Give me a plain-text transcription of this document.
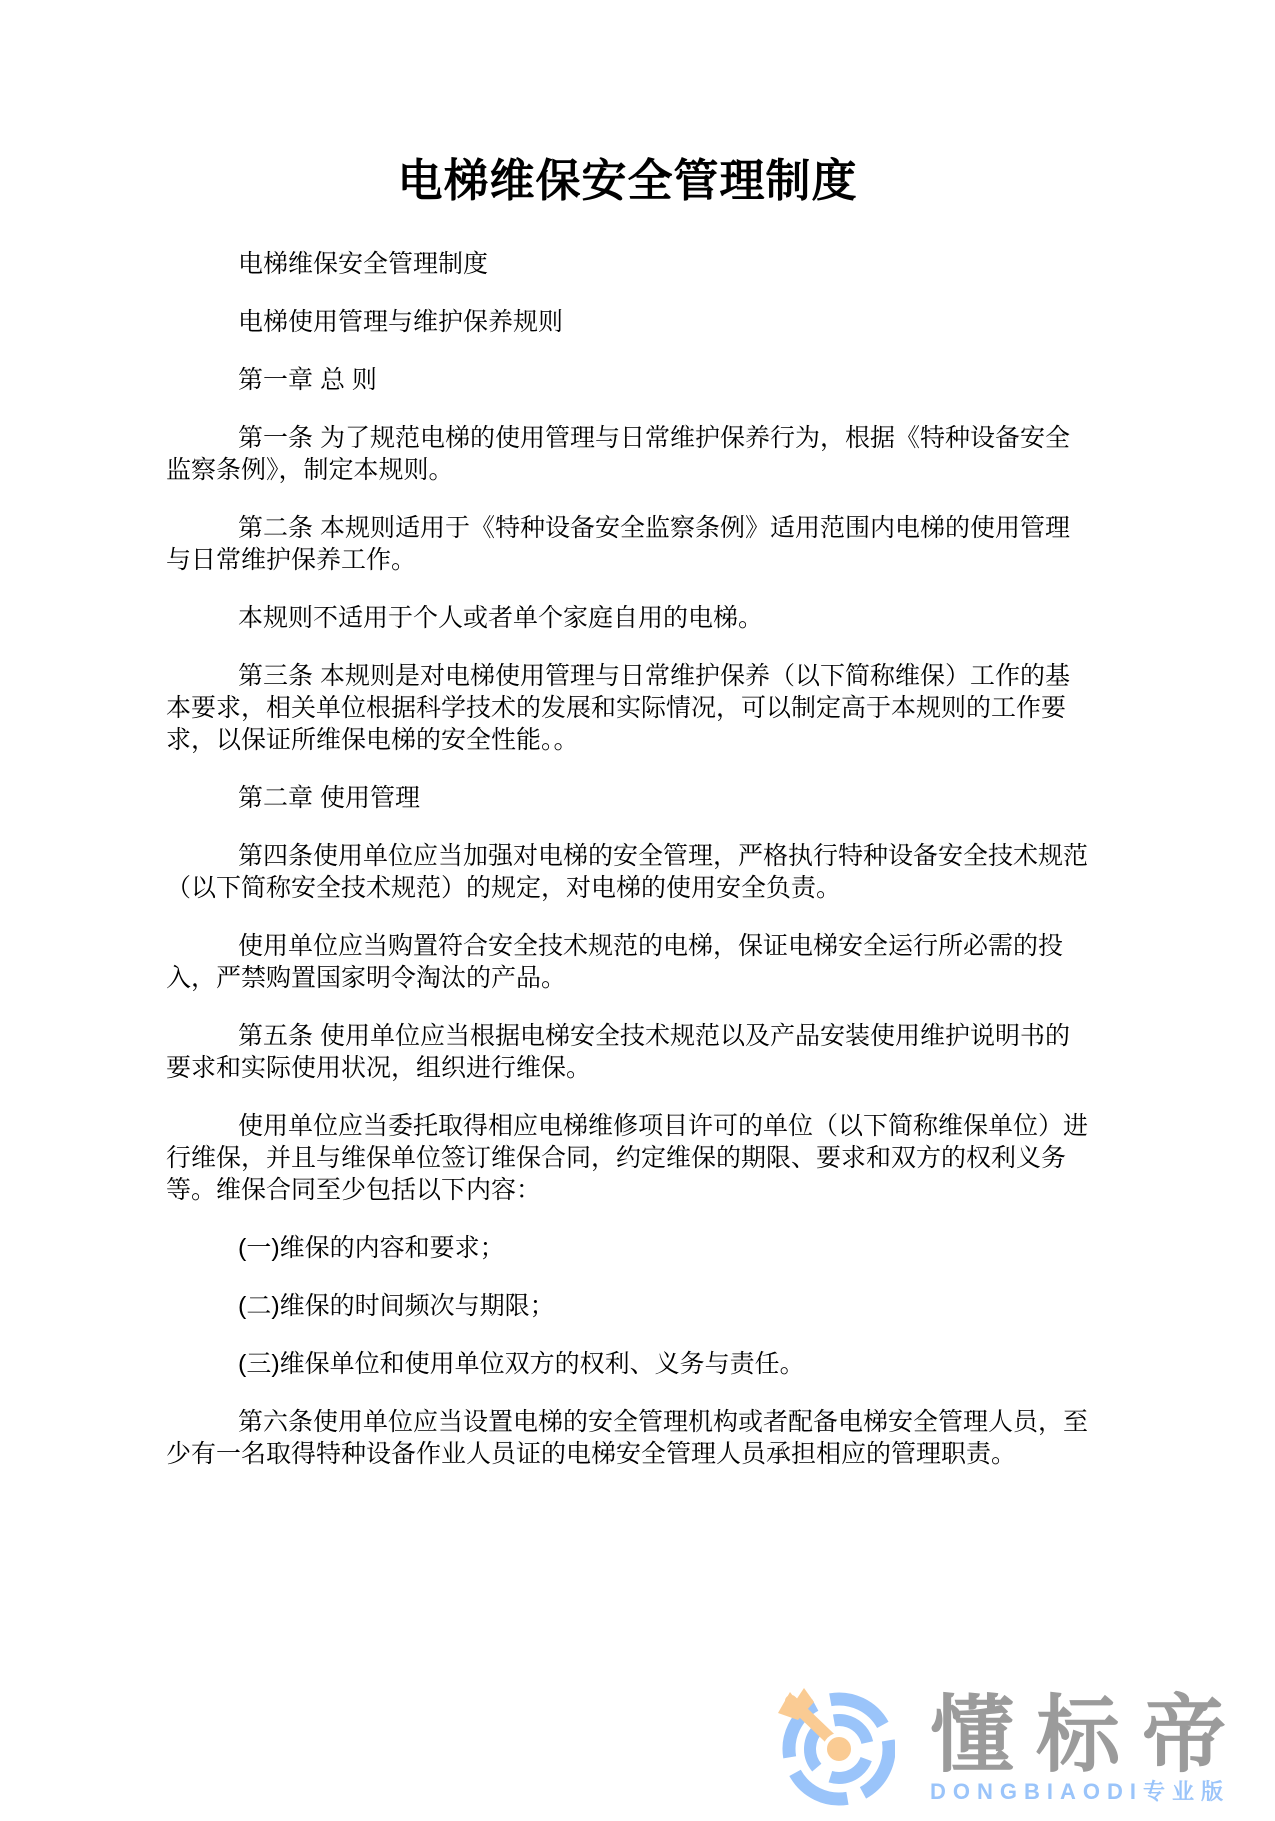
电梯维保安全管理制度

电梯维保安全管理制度

电梯使用管理与维护保养规则

第一章 总 则

第一条 为了规范电梯的使用管理与日常维护保养行为，根据《特种设备安全监察条例》，制定本规则。

第二条 本规则适用于《特种设备安全监察条例》适用范围内电梯的使用管理与日常维护保养工作。

本规则不适用于个人或者单个家庭自用的电梯。

第三条 本规则是对电梯使用管理与日常维护保养（以下简称维保）工作的基本要求，相关单位根据科学技术的发展和实际情况，可以制定高于本规则的工作要求，以保证所维保电梯的安全性能。。

第二章 使用管理

第四条使用单位应当加强对电梯的安全管理，严格执行特种设备安全技术规范（以下简称安全技术规范）的规定，对电梯的使用安全负责。

使用单位应当购置符合安全技术规范的电梯，保证电梯安全运行所必需的投入，严禁购置国家明令淘汰的产品。

第五条 使用单位应当根据电梯安全技术规范以及产品安装使用维护说明书的要求和实际使用状况，组织进行维保。

使用单位应当委托取得相应电梯维修项目许可的单位（以下简称维保单位）进行维保，并且与维保单位签订维保合同，约定维保的期限、要求和双方的权利义务等。维保合同至少包括以下内容：

(一)维保的内容和要求；

(二)维保的时间频次与期限；

(三)维保单位和使用单位双方的权利、义务与责任。

第六条使用单位应当设置电梯的安全管理机构或者配备电梯安全管理人员，至少有一名取得特种设备作业人员证的电梯安全管理人员承担相应的管理职责。

懂标帝
DONGBIAODI专业版
